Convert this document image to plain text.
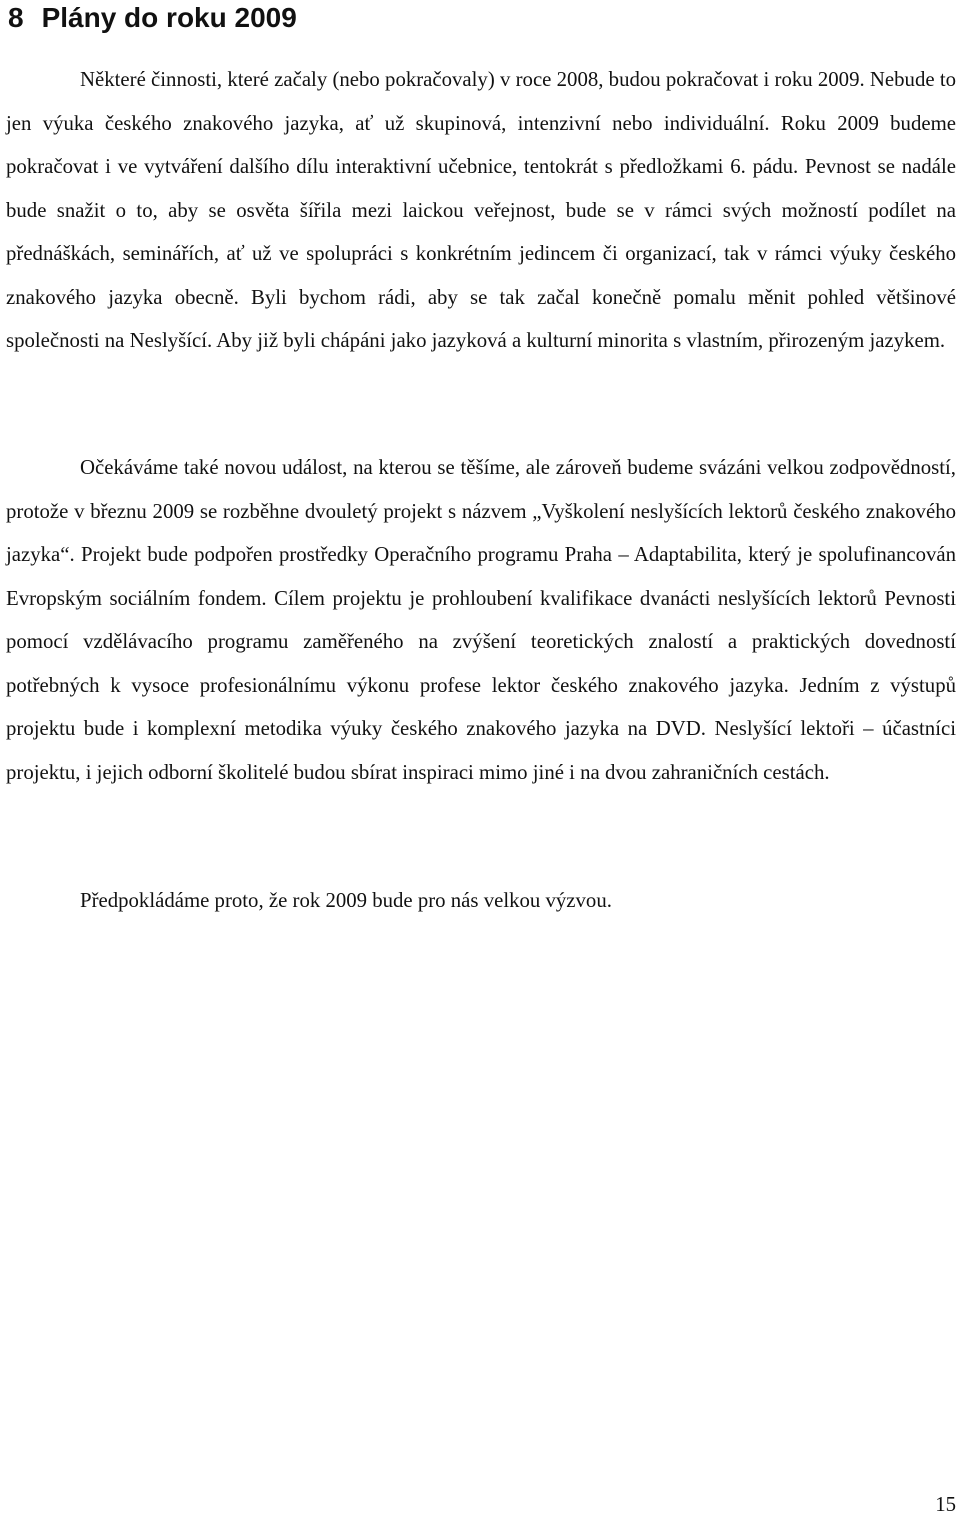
8 Plány do roku 2009

Některé činnosti, které začaly (nebo pokračovaly) v roce 2008, budou pokračovat i roku 2009. Nebude to jen výuka českého znakového jazyka, ať už skupinová, intenzivní nebo individuální. Roku 2009 budeme pokračovat i ve vytváření dalšího dílu interaktivní učebnice, tentokrát s předložkami 6. pádu. Pevnost se nadále bude snažit o to, aby se osvěta šířila mezi laickou veřejnost, bude se v rámci svých možností podílet na přednáškách, seminářích, ať už ve spolupráci s konkrétním jedincem či organizací, tak v rámci výuky českého znakového jazyka obecně. Byli bychom rádi, aby se tak začal konečně pomalu měnit pohled většinové společnosti na Neslyšící. Aby již byli chápáni jako jazyková a kulturní minorita s vlastním, přirozeným jazykem.

Očekáváme také novou událost, na kterou se těšíme, ale zároveň budeme svázáni velkou zodpovědností, protože v březnu 2009 se rozběhne dvouletý projekt s názvem „Vyškolení neslyšících lektorů českého znakového jazyka“. Projekt bude podpořen prostředky Operačního programu Praha – Adaptabilita, který je spolufinancován Evropským sociálním fondem. Cílem projektu je prohloubení kvalifikace dvanácti neslyšících lektorů Pevnosti pomocí vzdělávacího programu zaměřeného na zvýšení teoretických znalostí a praktických dovedností potřebných k vysoce profesionálnímu výkonu profese lektor českého znakového jazyka. Jedním z výstupů projektu bude i komplexní metodika výuky českého znakového jazyka na DVD. Neslyšící lektoři – účastníci projektu, i jejich odborní školitelé budou sbírat inspiraci mimo jiné i na dvou zahraničních cestách.

Předpokládáme proto, že rok 2009 bude pro nás velkou výzvou.

15
